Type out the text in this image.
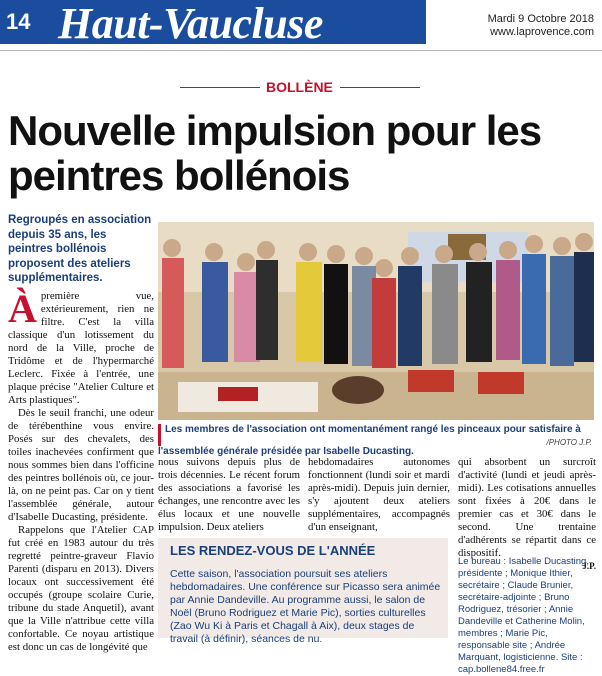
14 Haut-Vaucluse	Mardi 9 Octobre 2018
www.laprovence.com
BOLLÈNE
Nouvelle impulsion pour les peintres bollénois
Regroupés en association depuis 35 ans, les peintres bollénois proposent des ateliers supplémentaires.
Les membres de l'association ont momentanément rangé les pinceaux pour satisfaire à l'assemblée générale présidée par Isabelle Ducasting.
/PHOTO J.P.

À première vue, extérieurement, rien ne filtre. C'est la villa classique d'un lotissement du nord de la Ville, proche de Tridôme et de l'hypermarché Leclerc. Fixée à l'entrée, une plaque précise "Atelier Culture et Arts plastiques".

Dès le seuil franchi, une odeur de térébenthine vous envire. Posés sur des chevalets, des toiles inachevées confirment que nous sommes bien dans l'officine des peintres bollénois où, ce jour-là, on ne peint pas. Car on y tient l'assemblée générale, autour d'Isabelle Ducasting, présidente.

Rappelons que l'Atelier CAP fut créé en 1983 autour du très regretté peintre-graveur Flavio Parenti (disparu en 2013). Divers locaux ont successivement été occupés (groupe scolaire Curie, tribune du stade Anquetil), avant que la Ville n'attribue cette villa confortable. Ce noyau artistique est donc un cas de longévité que

nous suivons depuis plus de trois décennies. Le récent forum des associations a favorisé les échanges, une rencontre avec les élus locaux et une nouvelle impulsion. Deux ateliers

hebdomadaires autonomes fonctionnent (lundi soir et mardi après-midi). Depuis juin dernier, s'y ajoutent deux ateliers supplémentaires, accompagnés d'un enseignant,

qui absorbent un surcroît d'activité (lundi et jeudi après-midi). Les cotisations annuelles sont fixées à 20€ dans le premier cas et 30€ dans le second. Une trentaine d'adhérents se répartit dans ce dispositif.

J.P.
LES RENDEZ-VOUS DE L'ANNÉE
Cette saison, l'association poursuit ses ateliers hebdomadaires. Une conférence sur Picasso sera animée par Annie Dandeville. Au programme aussi, le salon de Noël (Bruno Rodriguez et Marie Pic), sorties culturelles (Zao Wu Ki à Paris et Chagall à Aix), deux stages de travail (à définir), séances de nu.
Le bureau : Isabelle Ducasting, présidente ; Monique Ithier, secrétaire ; Claude Brunier, secrétaire-adjointe ; Bruno Rodriguez, trésorier ; Annie Dandeville et Catherine Molin, membres ; Marie Pic, responsable site ; Andrée Marquant, logisticienne. Site : cap.bollene84.free.fr
